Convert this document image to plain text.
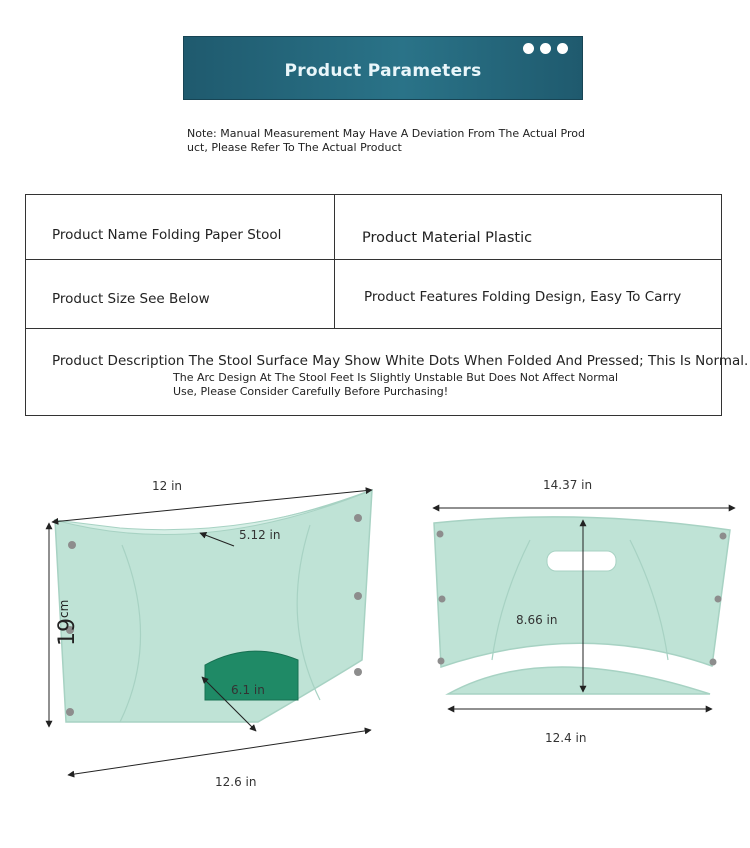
Product Parameters
Note: Manual Measurement May Have A Deviation From The Actual Product, Please Refer To The Actual Product
Product Name Folding Paper Stool	Product Material Plastic
Product Size See Below	Product Features Folding Design, Easy To Carry
Product Description The Stool Surface May Show White Dots When Folded And Pressed; This Is Normal.
The Arc Design At The Stool Feet Is Slightly Unstable But Does Not Affect Normal Use, Please Consider Carefully Before Purchasing!
12 in
5.12 in
$19_{cm}$
6.1 in
12.6 in
14.37 in
8.66 in
12.4 in
